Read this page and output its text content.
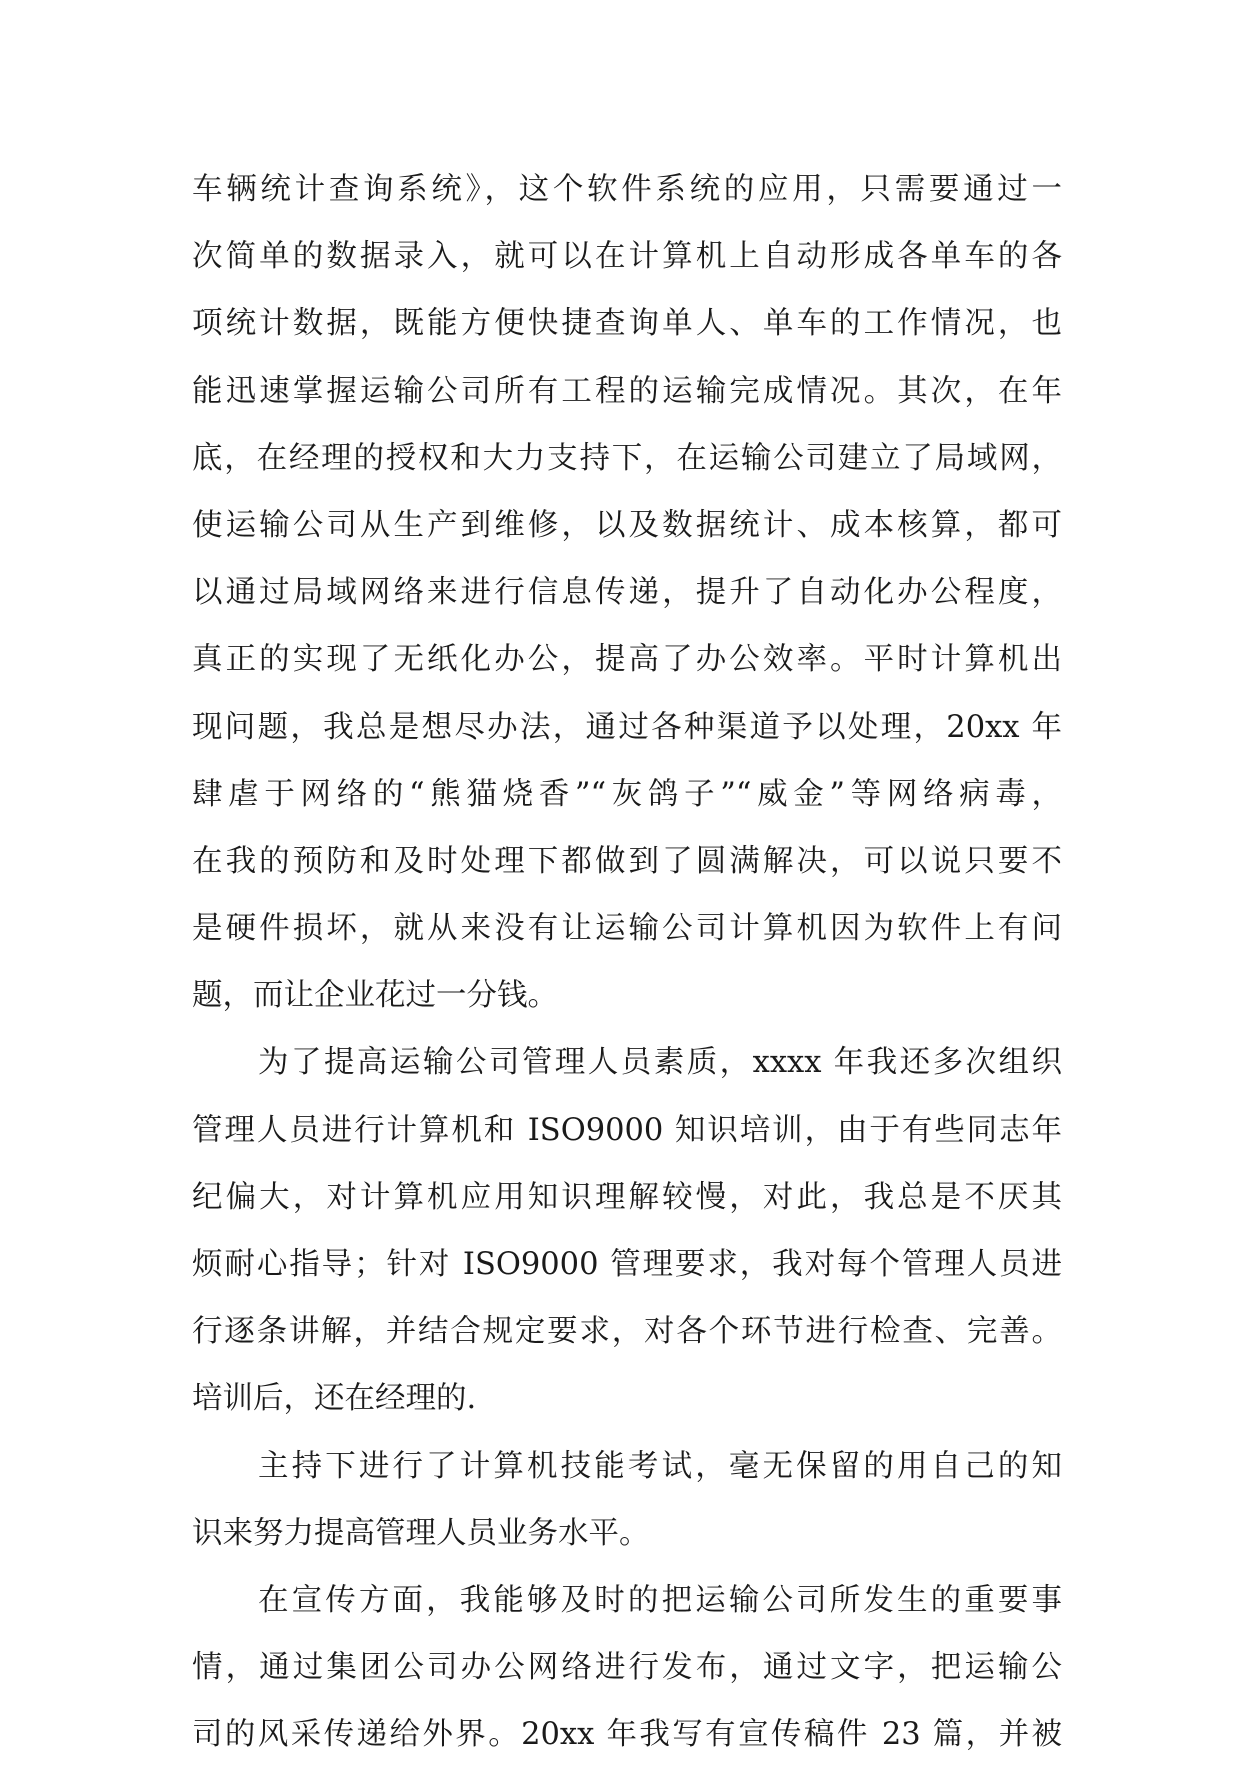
车辆统计查询系统》，这个软件系统的应用，只需要通过一
次简单的数据录入，就可以在计算机上自动形成各单车的各
项统计数据，既能方便快捷查询单人、单车的工作情况，也
能迅速掌握运输公司所有工程的运输完成情况。其次，在年
底，在经理的授权和大力支持下，在运输公司建立了局域网，
使运输公司从生产到维修，以及数据统计、成本核算，都可
以通过局域网络来进行信息传递，提升了自动化办公程度，
真正的实现了无纸化办公，提高了办公效率。平时计算机出
现问题，我总是想尽办法，通过各种渠道予以处理，20xx 年
肆虐于网络的“熊猫烧香”“灰鸽子”“威金”等网络病毒，
在我的预防和及时处理下都做到了圆满解决，可以说只要不
是硬件损坏，就从来没有让运输公司计算机因为软件上有问
题，而让企业花过一分钱。
为了提高运输公司管理人员素质，xxxx 年我还多次组织
管理人员进行计算机和 ISO9000 知识培训，由于有些同志年
纪偏大，对计算机应用知识理解较慢，对此，我总是不厌其
烦耐心指导；针对 ISO9000 管理要求，我对每个管理人员进
行逐条讲解，并结合规定要求，对各个环节进行检查、完善。
培训后，还在经理的.
主持下进行了计算机技能考试，毫无保留的用自己的知
识来努力提高管理人员业务水平。
在宣传方面，我能够及时的把运输公司所发生的重要事
情，通过集团公司办公网络进行发布，通过文字，把运输公
司的风采传递给外界。20xx 年我写有宣传稿件 23 篇，并被
